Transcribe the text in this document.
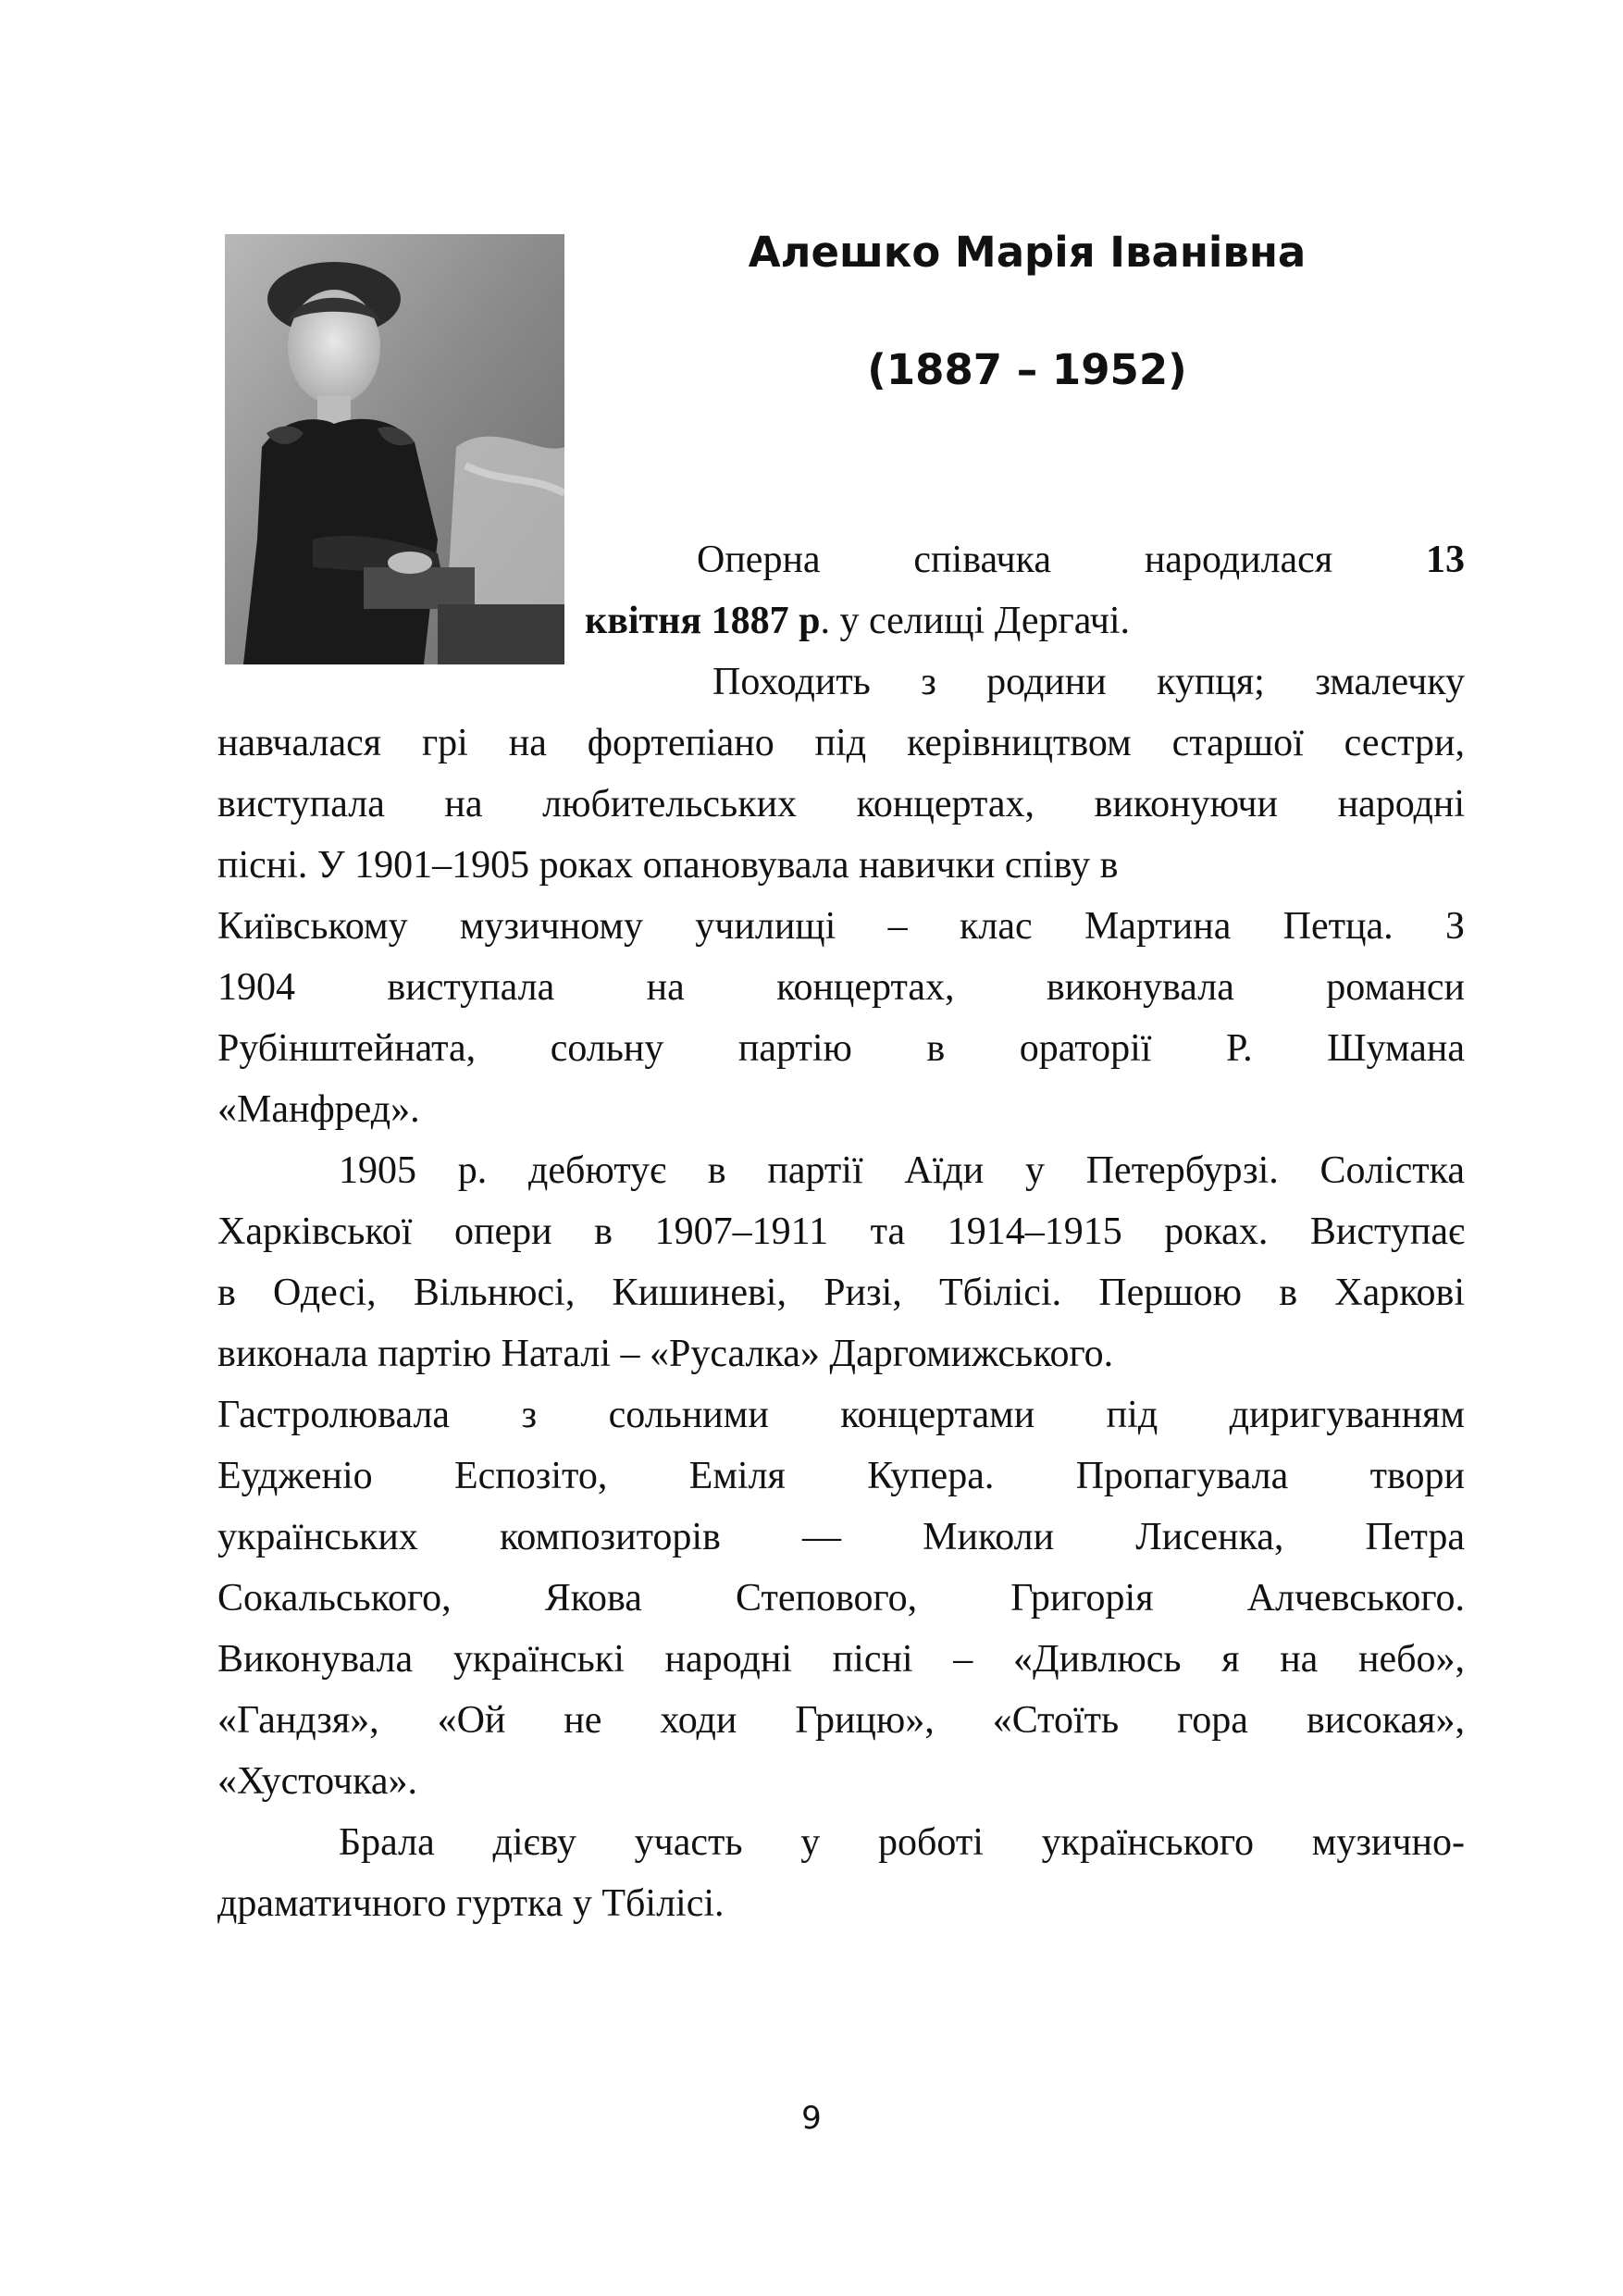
Алешко Марія Іванівна
(1887 – 1952)

Оперна співачка народилася 13

квітня 1887 р. у селищі Дергачі.

Походить з родини купця; змалечку

навчалася грі на фортепіано під керівництвом старшої сестри,

виступала на любительських концертах, виконуючи народні

пісні. У 1901–1905 роках опановувала навички співу в

Київському музичному училищі – клас Мартина Петца. З

1904 виступала на концертах, виконувала романси

Рубінштейната, сольну партію в ораторії Р. Шумана

«Манфред».

1905 р. дебютує в партії Аїди у Петербурзі. Солістка

Харківської опери в 1907–1911 та 1914–1915 роках. Виступає

в Одесі, Вільнюсі, Кишиневі, Ризі, Тбілісі. Першою в Харкові

виконала партію Наталі – «Русалка» Даргомижського.

Гастролювала з сольними концертами під диригуванням

Еудженіо Еспозіто, Еміля Купера. Пропагувала твори

українських композиторів — Миколи Лисенка, Петра

Сокальського, Якова Степового, Григорія Алчевського.

Виконувала українські народні пісні – «Дивлюсь я на небо»,

«Гандзя», «Ой не ходи Грицю», «Стоїть гора високая»,

«Хусточка».

Брала дієву участь у роботі українського музично-

драматичного гуртка у Тбілісі.

9
